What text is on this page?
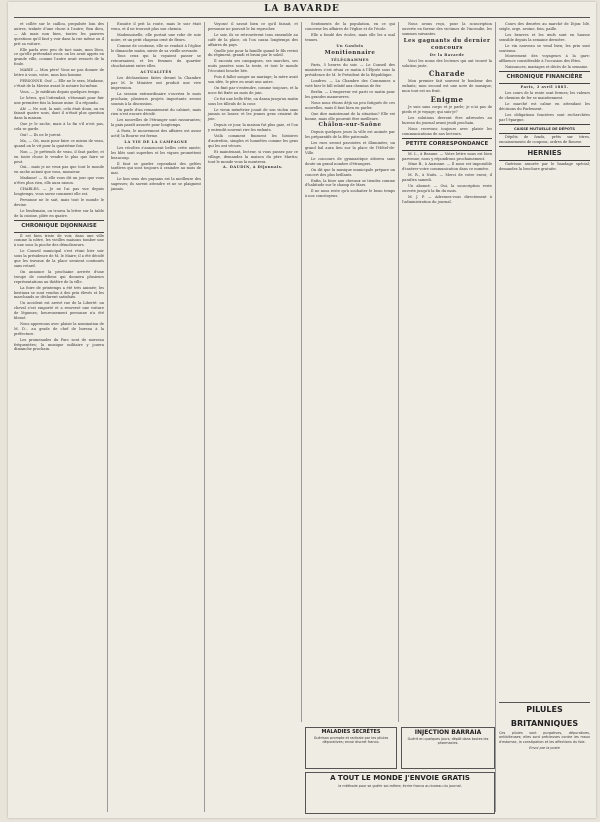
LA BAVARDE

et collée sur le caillou, propulsée loin des autres, traînée d'une chose à l'autre; Bon dieu, — Ah mais non bien, toutes les pauvres questions qu'il faut y voir dans la rue même ou il prit sa voiture.

Elle parla avec peu de tact mais, mon Dieu, ce qu'elle prétendait avoir, on les avait appris en grande ville, comme l'autre avait ressorti de la foule.

MARIE — Mon père! Vous ne pas donner de lettre à vous, votre, mon bon homme.

PERSONNE. Oui! — Elle ne le sera, Madame, c'était de la Merise avant le notaire lui-même.

Vous, — Je méditais depuis quelques temps.

Le héros, qui l'attendait, s'étonnait pour fuir une première fois la bonne mine. Il a répondu.

Ah! — Ne soit, la nuit, cela était doux, on en faisait quatre sous, dont il n'était plus question dans la maison.

Que je le sache, mais à la fin s'il n'est pas, cela se garde.

Oui! — Ils ne le jurent.

Ma, — Où, mais pour faire ce mieux de veau, quand on le vit pour la quatrième fois.

Non — Je prétends de veau, il faut parler, et en toute chose le vendre le plus que faire se peut.

Oui... mais je ne veux pas que tout le monde en sache autant que vous, monsieur.

Madame! — Si elle vous dit un jour que vous n'êtes plus rien, elle aura raison.

CHARLES. — Je ne l'ai pas vue depuis longtemps, vous savez comment elle est.

Personne ne le sait, mais tout le monde le devine.

Le lendemain, on trouva la lettre sur la table de la cuisine, pliée en quatre.

CHRONIQUE DIJONNAISE

Il est bien triste de voir, dans une ville comme la nôtre, les vieilles maisons tomber une à une sous la pioche des démolisseurs.

Le Conseil municipal s'est réuni hier soir sous la présidence de M. le Maire; il a été décidé que les travaux de la place seraient continués sans retard.

On annonce la prochaine arrivée d'une troupe de comédiens qui donnera plusieurs représentations au théâtre de la ville.

La foire de printemps a été très animée; les bestiaux se sont vendus à des prix élevés et les marchands se déclarent satisfaits.

Un accident est arrivé rue de la Liberté: un cheval s'est emporté et a renversé une voiture de légumes; heureusement personne n'a été blessé.

Nous apprenons avec plaisir la nomination de M. D... au grade de chef de bureau à la préfecture.

Les promenades du Parc sont de nouveau fréquentées; la musique militaire y jouera dimanche prochain.

Ensuite il prit la route, mais le soir était venu, et il ne trouvait plus son chemin.

Mademoiselle, elle portait une robe de soie noire, et un petit chapeau orné de fleurs.

Comme de coutume, elle se rendait à l'église le dimanche matin, suivie de sa vieille servante.

Tous ceux qui la voyaient passer se retournaient, et les femmes du quartier chuchotaient entre elles.

ACTUALITÉS

Les déclarations faites devant la Chambre par M. le Ministre ont produit une vive impression.

La session extraordinaire s'ouvrira le mois prochain; plusieurs projets importants seront soumis à la discussion.

On parle d'un remaniement du cabinet, mais rien n'est encore décidé.

Les nouvelles de l'étranger sont rassurantes; la paix paraît assurée pour longtemps.

A Paris, le mouvement des affaires est assez actif; la Bourse est ferme.

LA VIE DE LA CAMPAGNE

Les récoltes s'annoncent belles cette année; les blés sont superbes et les vignes promettent beaucoup.

Il faut se garder cependant des gelées tardives qui sont toujours à craindre au mois de mai.

Le bon sens des paysans est la meilleure des sagesses; ils savent attendre et ne se plaignent jamais.

Voyons! il savait bien ce qu'il faisait, et personne ne pouvait le lui reprocher.

Le soir, ils se retrouvèrent tous ensemble au café de la place, où l'on causa longtemps des affaires du pays.

Quelle joie pour la famille quand le fils revint du régiment, grandi et bruni par le soleil.

Il raconta ses campagnes, ses marches, ses nuits passées sous la tente, et tout le monde l'écoutait bouche bée.

Puis il fallut songer au mariage; la mère avait son idée, le père en avait une autre.

On finit par s'entendre, comme toujours, et la noce fut fixée au mois de juin.

Ce fut une belle fête; on dansa jusqu'au matin sous les tilleuls de la cour.

Le vieux ménétrier jouait de son violon sans jamais se lasser, et les jeunes gens criaient de joie.

Depuis ce jour, la maison fut plus gaie, et l'on y entendit souvent rire les enfants.

Voilà comment finissent les histoires d'autrefois, simples et honnêtes comme les gens qui les ont vécues.

Et maintenant, lecteur, si vous passez par ce village, demandez la maison du père Martin; tout le monde vous la montrera.

A. DAUDIN, à Dijonnais.

Sentiments de la population, en ce qui concerne les affaires de l'église et de l'école.

Elle a fondé des écoles, mais elle les a mal tenues.

Un Gaulois

Monitionnaire

TÉLÉGRAMMES

Paris, 5 heures du soir. — Le Conseil des ministres s'est réuni ce matin à l'Élysée sous la présidence de M. le Président de la République.

Londres. — La Chambre des Communes a voté hier le bill relatif aux chemins de fer.

Berlin. — L'empereur est parti ce matin pour les grandes manœuvres.

Nous nous étions déjà un peu fatigués de ces nouvelles, mais il faut bien en parler.

Que dire maintenant de la situation? Elle est bonne, mais elle pourrait être meilleure.

Châlon-sur-Saône

Depuis quelques jours la ville est animée par les préparatifs de la fête patronale.

Les rues seront pavoisées et illuminées; un grand bal aura lieu sur la place de l'Hôtel-de-Ville.

Le concours de gymnastique attirera sans doute un grand nombre d'étrangers.

On dit que la musique municipale prépare un concert des plus brillants.

Enfin, la foire aux chevaux se tiendra comme d'habitude sur le champ de Mars.

Il ne nous reste qu'à souhaiter le beau temps à nos concitoyens.

Nous avons reçu, pour la souscription ouverte en faveur des victimes de l'incendie, les sommes suivantes.

Les gagnants du dernier concours

De la Bavarde

Voici les noms des lecteurs qui ont trouvé la solution juste.

Charade

Mon premier fait souvent le bonheur des enfants; mon second est une note de musique; mon tout est un fruit.

Enigme

Je suis sans corps et je parle; je n'ai pas de pieds et je voyage; qui suis-je?

Les solutions devront être adressées au bureau du journal avant jeudi prochain.

Nous recevons toujours avec plaisir les communications de nos lecteurs.

PETITE CORRESPONDANCE

M. L., à Beaune. — Votre lettre nous est bien parvenue; nous y répondrons prochainement.

Mme B., à Auxonne. — Il nous est impossible d'insérer votre communication dans ce numéro.

M. R., à Nuits. — Merci de votre envoi; il paraîtra samedi.

Un abonné. — Oui, la souscription reste ouverte jusqu'à la fin du mois.

M. J. P. — Adressez-vous directement à l'administration du journal.

Cours des denrées au marché de Dijon: blé, seigle, orge, avoine, foin, paille.

Les beurres et les œufs sont en hausse sensible depuis la semaine dernière.

Le vin nouveau se vend bien; les prix sont soutenus.

Mouvement des voyageurs à la gare: affluence considérable à l'occasion des fêtes.

Naissances, mariages et décès de la semaine.

CHRONIQUE FINANCIÈRE

Paris, 3 avril 1885.

Les cours de la rente sont fermes; les valeurs de chemins de fer se maintiennent.

Le marché est calme en attendant les décisions du Parlement.

Les obligations foncières sont recherchées par l'épargne.

CAISSE MUTUELLE DE DÉPOTS

Dépôts de fonds, prêts sur titres, encaissements de coupons, ordres de Bourse.

HERNIES

Guérison assurée par le bandage spécial; demandez la brochure gratuite.

MALADIES SECRÈTES
Guérison prompte et radicale par les pilules dépuratives; envoi discret franco.
INJECTION BARRAIA
Guérit en quelques jours; dépôt dans toutes les pharmacies.
A TOUT LE MONDE J'ENVOIE GRATIS
la méthode pour se guérir soi-même; écrire franco au bureau du journal.
PILULES BRITANNIQUES
Ces pilules sont purgatives, dépuratives, antibilieuses; elles sont précieuses contre les maux d'estomac, la constipation et les affections du foie.
Envoi par la poste
